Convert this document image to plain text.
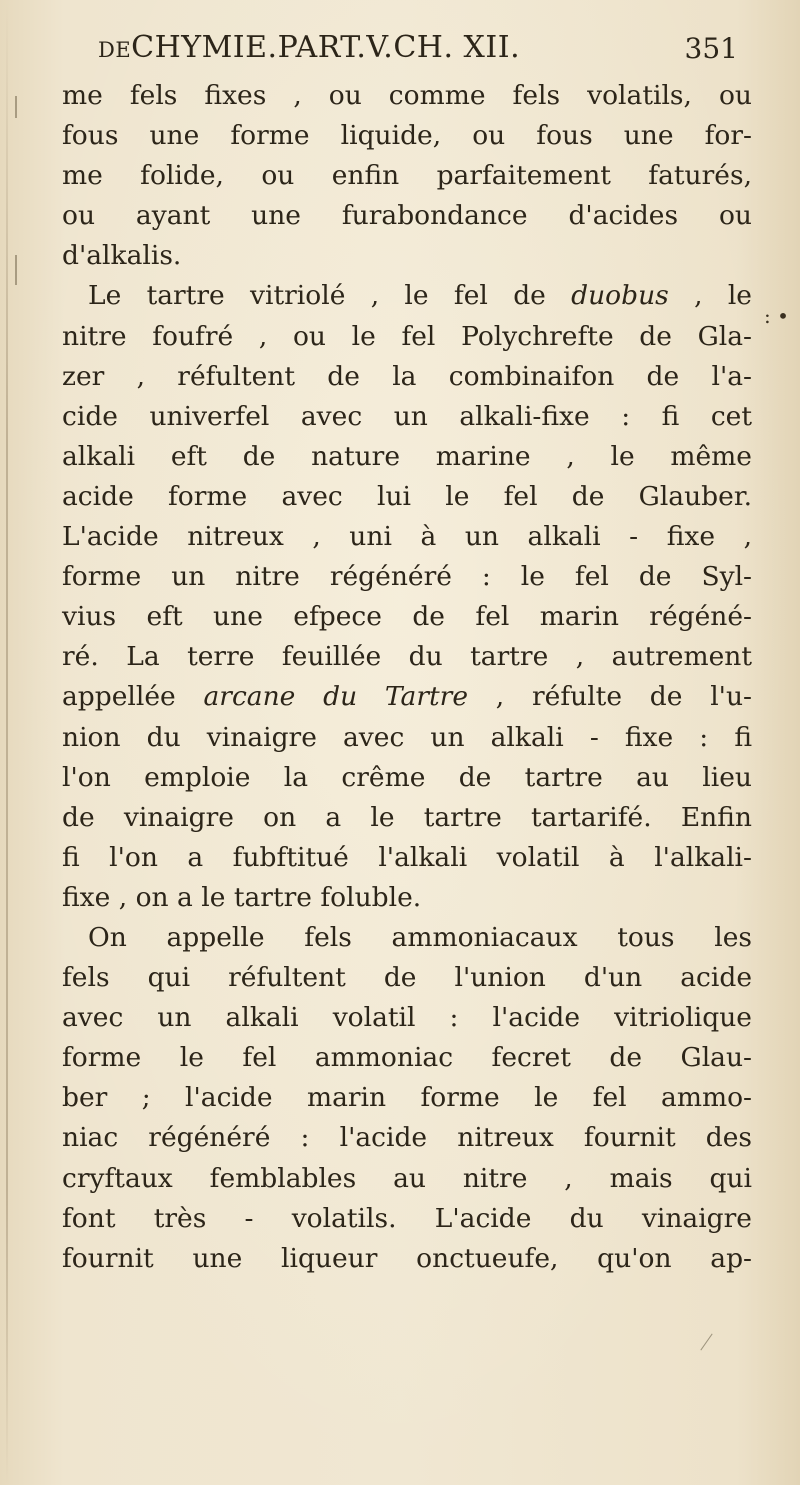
DECHYMIE.PART.V.CH. XII.	351
: •
me fels fixes , ou comme fels volatils, ou
fous une forme liquide, ou fous une for-
me folide, ou enfin parfaitement faturés,
ou ayant une furabondance d'acides ou
d'alkalis.
Le tartre vitriolé , le fel de duobus , le
nitre foufré , ou le fel Polychrefte de Gla-
zer , réfultent de la combinaifon de l'a-
cide univerfel avec un alkali-fixe : fi cet
alkali eft de nature marine , le même
acide forme avec lui le fel de Glauber.
L'acide nitreux , uni à un alkali - fixe ,
forme un nitre régénéré : le fel de Syl-
vius eft une efpece de fel marin régéné-
ré. La terre feuillée du tartre , autrement
appellée arcane du Tartre , réfulte de l'u-
nion du vinaigre avec un alkali - fixe : fi
l'on emploie la crême de tartre au lieu
de vinaigre on a le tartre tartarifé. Enfin
fi l'on a fubftitué l'alkali volatil à l'alkali-
fixe , on a le tartre foluble.
On appelle fels ammoniacaux tous les
fels qui réfultent de l'union d'un acide
avec un alkali volatil : l'acide vitriolique
forme le fel ammoniac fecret de Glau-
ber ; l'acide marin forme le fel ammo-
niac régénéré : l'acide nitreux fournit des
cryftaux femblables au nitre , mais qui
font très - volatils. L'acide du vinaigre
fournit une liqueur onctueufe, qu'on ap-
